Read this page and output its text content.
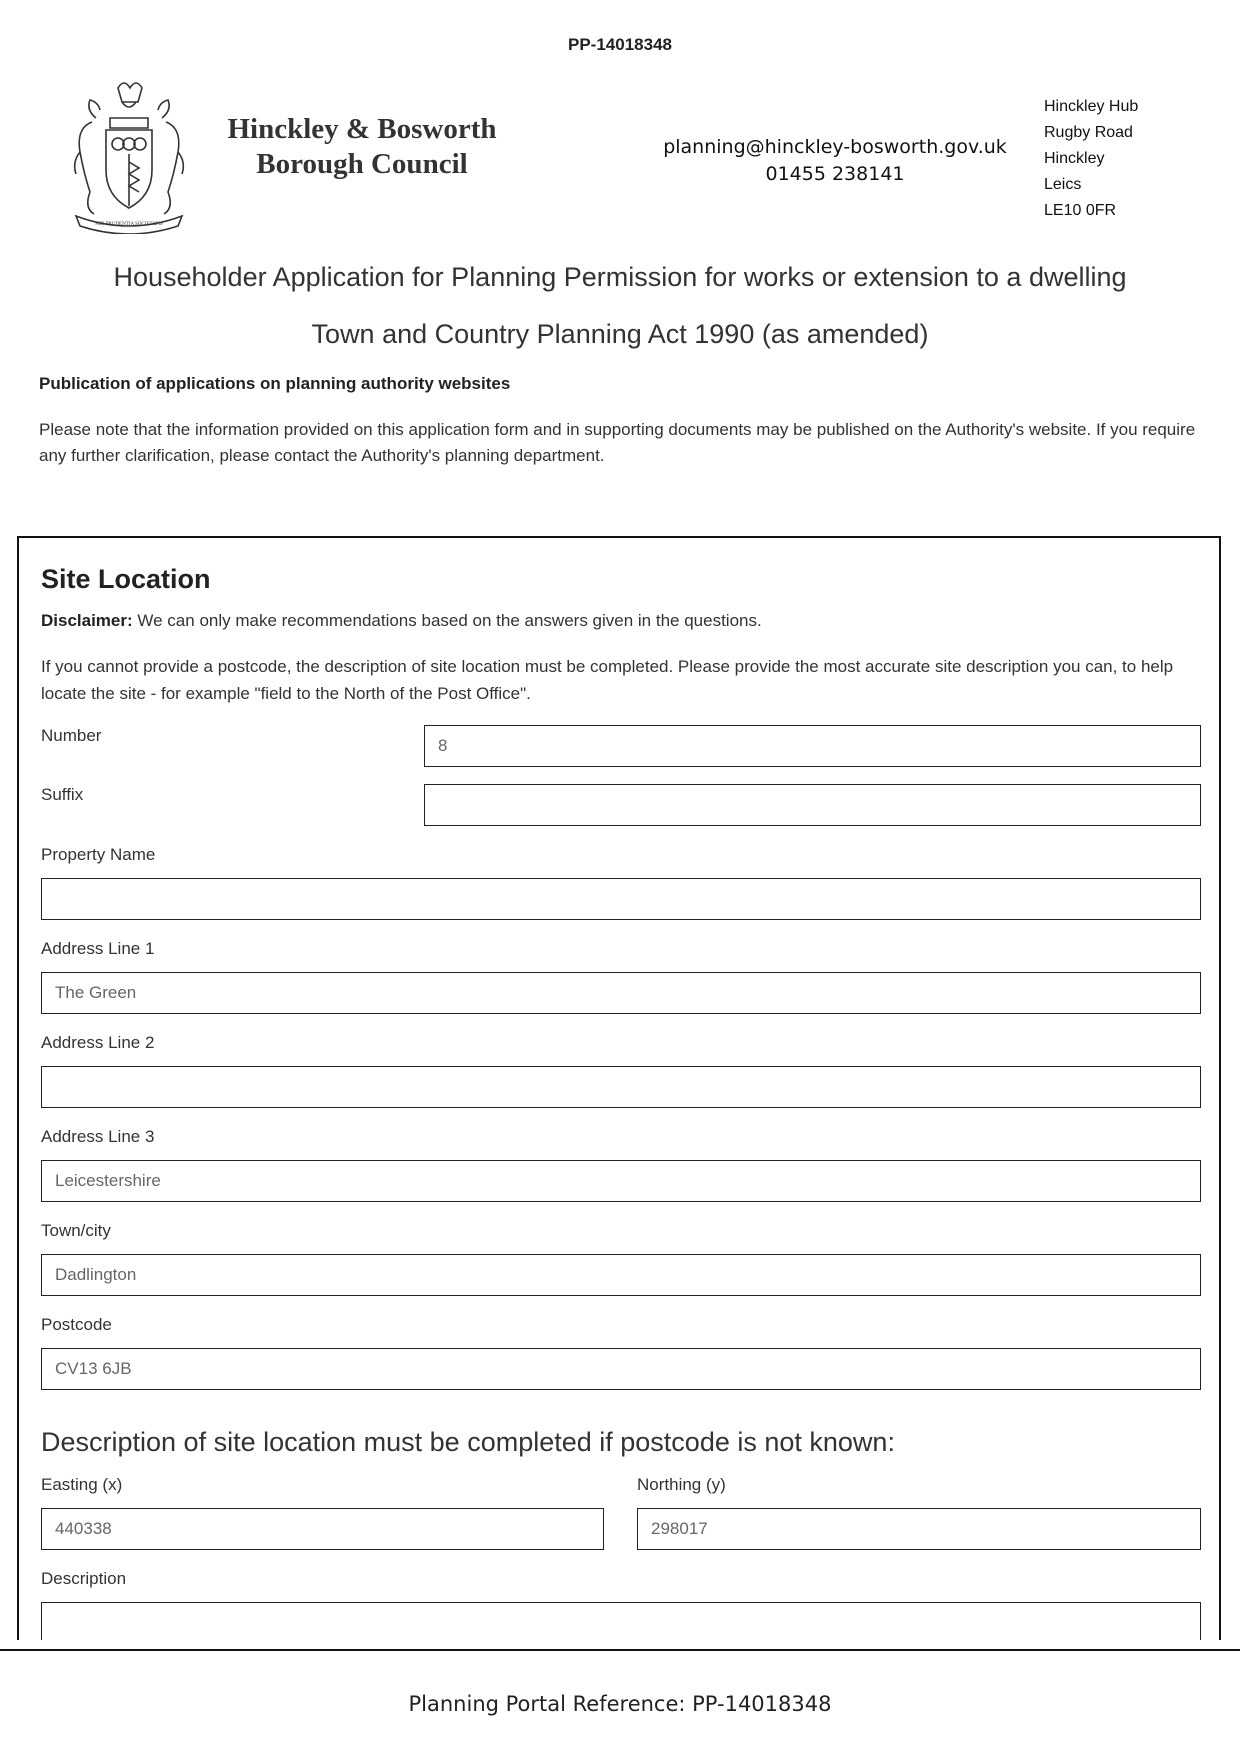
PP-14018348
PER PRUDENTIA SOCIETATIS
Hinckley & Bosworth
Borough Council
planning@hinckley-bosworth.gov.uk
01455 238141
Hinckley Hub
Rugby Road
Hinckley
Leics
LE10 0FR
Householder Application for Planning Permission for works or extension to a dwelling
Town and Country Planning Act 1990 (as amended)
Publication of applications on planning authority websites
Please note that the information provided on this application form and in supporting documents may be published on the Authority's website. If you require any further clarification, please contact the Authority's planning department.
Site Location
Disclaimer: We can only make recommendations based on the answers given in the questions.
If you cannot provide a postcode, the description of site location must be completed. Please provide the most accurate site description you can, to help locate the site - for example "field to the North of the Post Office".
Number
8
Suffix
Property Name
Address Line 1
The Green
Address Line 2
Address Line 3
Leicestershire
Town/city
Dadlington
Postcode
CV13 6JB
Description of site location must be completed if postcode is not known:
Easting (x)
440338
Northing (y)
298017
Description
Planning Portal Reference: PP-14018348
